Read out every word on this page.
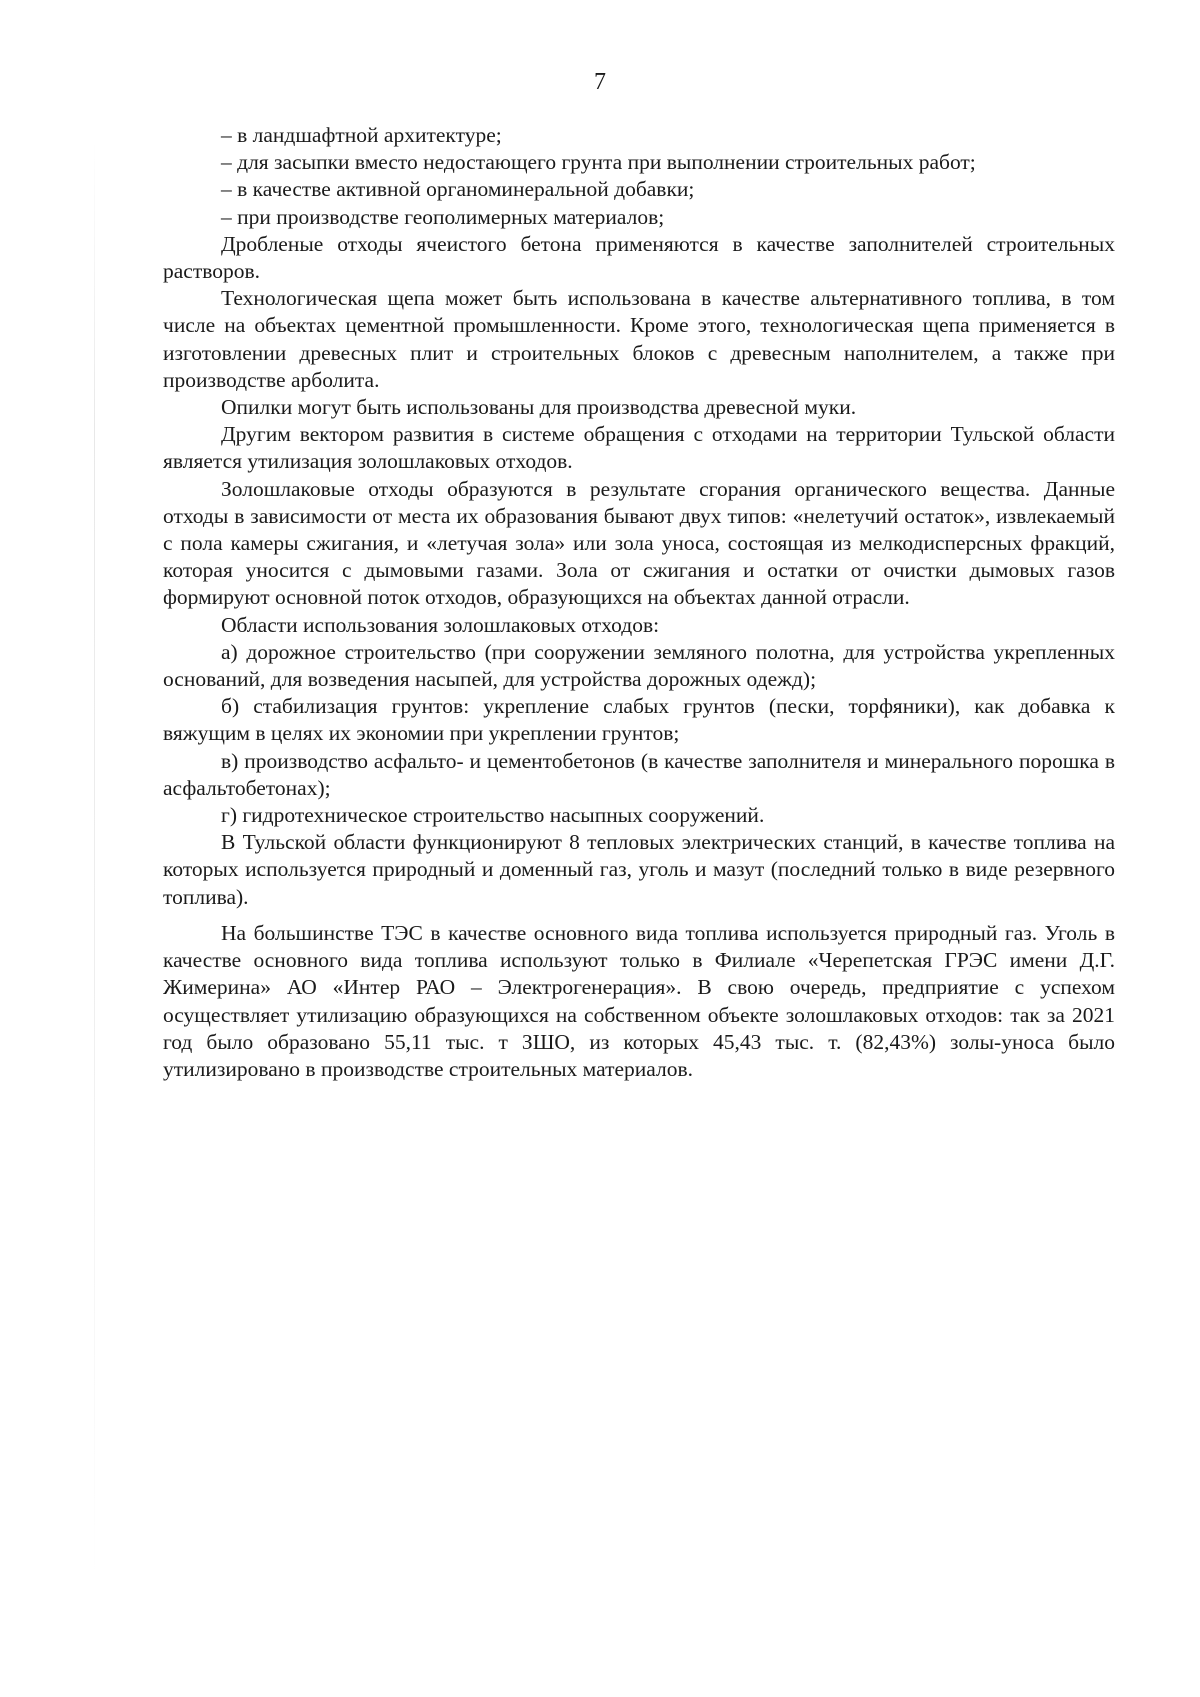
7

– в ландшафтной архитектуре;

– для засыпки вместо недостающего грунта при выполнении строительных работ;

– в качестве активной органоминеральной добавки;

– при производстве геополимерных материалов;

Дробленые отходы ячеистого бетона применяются в качестве заполнителей строительных растворов.

Технологическая щепа может быть использована в качестве альтернативного топлива, в том числе на объектах цементной промышленности. Кроме этого, технологическая щепа применяется в изготовлении древесных плит и строительных блоков с древесным наполнителем, а также при производстве арболита.

Опилки могут быть использованы для производства древесной муки.

Другим вектором развития в системе обращения с отходами на территории Тульской области является утилизация золошлаковых отходов.

Золошлаковые отходы образуются в результате сгорания органического вещества. Данные отходы в зависимости от места их образования бывают двух типов: «нелетучий остаток», извлекаемый с пола камеры сжигания, и «летучая зола» или зола уноса, состоящая из мелкодисперсных фракций, которая уносится с дымовыми газами. Зола от сжигания и остатки от очистки дымовых газов формируют основной поток отходов, образующихся на объектах данной отрасли.

Области использования золошлаковых отходов:

а) дорожное строительство (при сооружении земляного полотна, для устройства укрепленных оснований, для возведения насыпей, для устройства дорожных одежд);

б) стабилизация грунтов: укрепление слабых грунтов (пески, торфяники), как добавка к вяжущим в целях их экономии при укреплении грунтов;

в) производство асфальто- и цементобетонов (в качестве заполнителя и минерального порошка в асфальтобетонах);

г) гидротехническое строительство насыпных сооружений.

В Тульской области функционируют 8 тепловых электрических станций, в качестве топлива на которых используется природный и доменный газ, уголь и мазут (последний только в виде резервного топлива).

На большинстве ТЭС в качестве основного вида топлива используется природный газ. Уголь в качестве основного вида топлива используют только в Филиале «Черепетская ГРЭС имени Д.Г. Жимерина» АО «Интер РАО – Электрогенерация». В свою очередь, предприятие с успехом осуществляет утилизацию образующихся на собственном объекте золошлаковых отходов: так за 2021 год было образовано 55,11 тыс. т ЗШО, из которых 45,43 тыс. т. (82,43%) золы-уноса было утилизировано в производстве строительных материалов.
